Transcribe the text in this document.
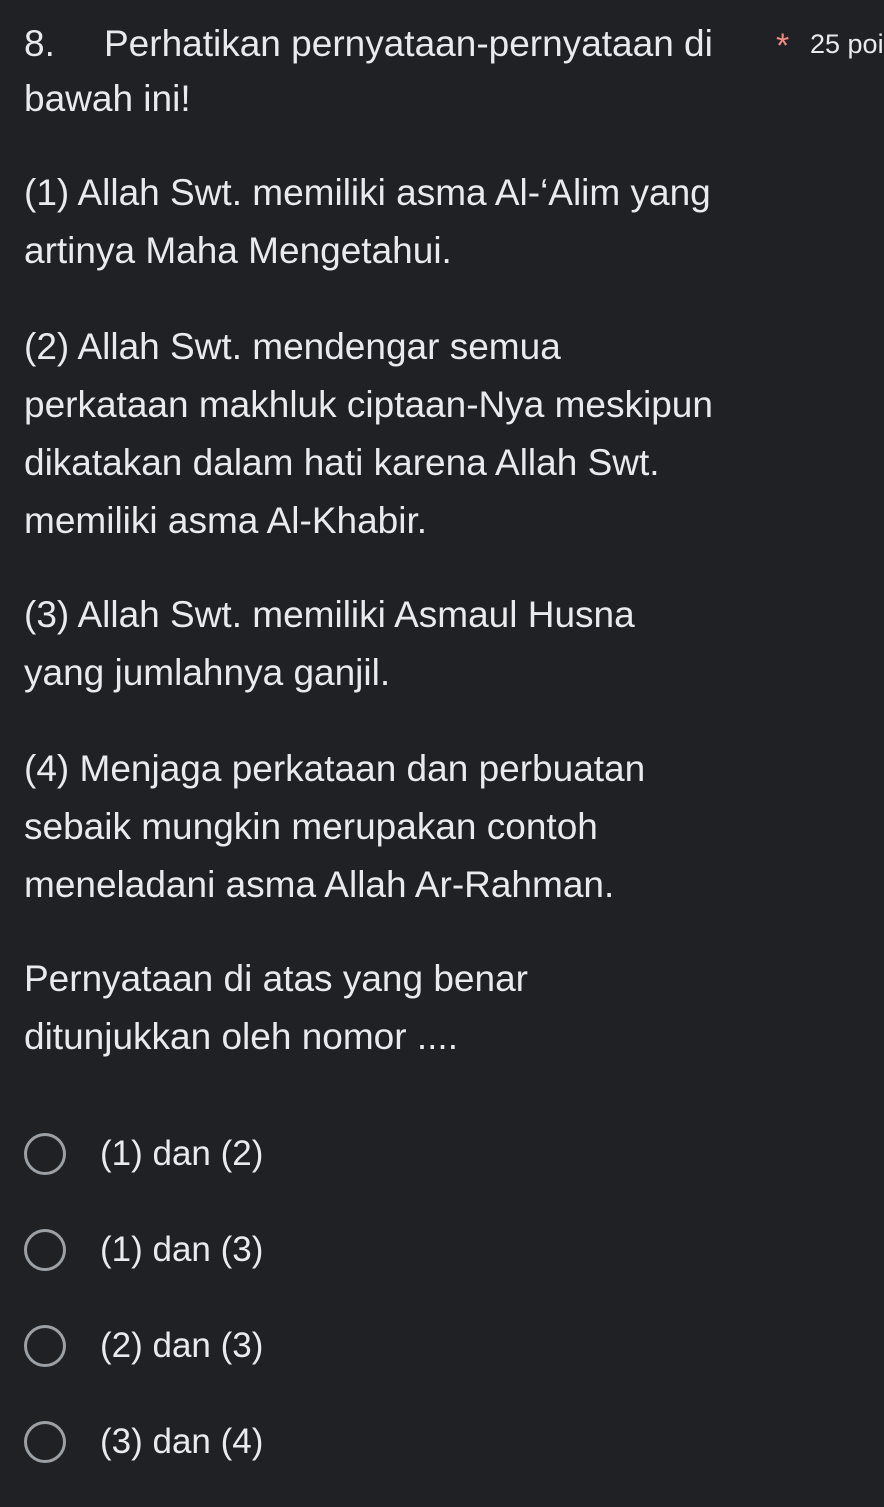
8. Perhatikan pernyataan-pernyataan di * 25 poi
bawah ini!
(1) Allah Swt. memiliki asma Al-‘Alim yang
artinya Maha Mengetahui.
(2) Allah Swt. mendengar semua
perkataan makhluk ciptaan-Nya meskipun
dikatakan dalam hati karena Allah Swt.
memiliki asma Al-Khabir.
(3) Allah Swt. memiliki Asmaul Husna
yang jumlahnya ganjil.
(4) Menjaga perkataan dan perbuatan
sebaik mungkin merupakan contoh
meneladani asma Allah Ar-Rahman.
Pernyataan di atas yang benar
ditunjukkan oleh nomor ....
(1) dan (2)
(1) dan (3)
(2) dan (3)
(3) dan (4)
